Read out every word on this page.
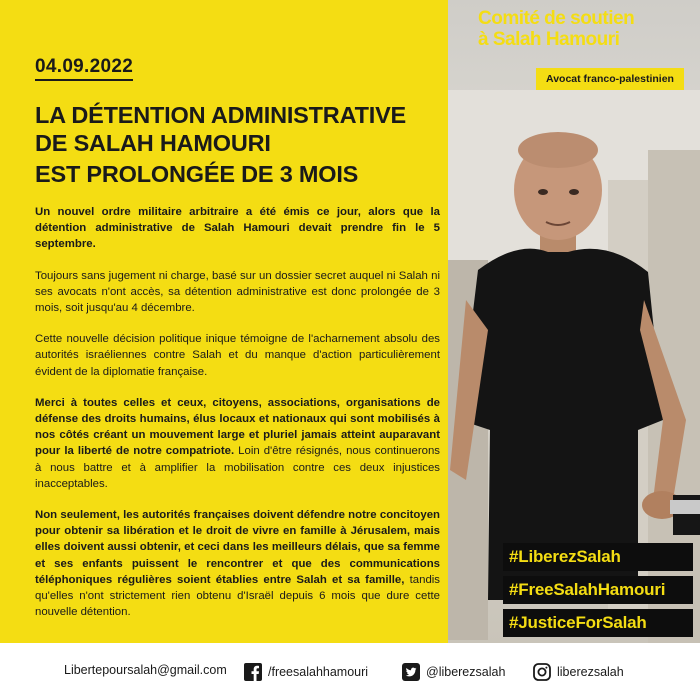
04.09.2022
LA DÉTENTION ADMINISTRATIVE
DE SALAH HAMOURI
EST PROLONGÉE DE 3 MOIS

Un nouvel ordre militaire arbitraire a été émis ce jour, alors que la détention administrative de Salah Hamouri devait prendre fin le 5 septembre.

Toujours sans jugement ni charge, basé sur un dossier secret auquel ni Salah ni ses avocats n'ont accès, sa détention administrative est donc prolongée de 3 mois, soit jusqu'au 4 décembre.

Cette nouvelle décision politique inique témoigne de l'acharnement absolu des autorités israéliennes contre Salah et du manque d'action particulièrement évident de la diplomatie française.

Merci à toutes celles et ceux, citoyens, associations, organisations de défense des droits humains, élus locaux et nationaux qui sont mobilisés à nos côtés créant un mouvement large et pluriel jamais atteint auparavant pour la liberté de notre compatriote. Loin d'être résignés, nous continuerons à nous battre et à amplifier la mobilisation contre ces deux injustices inacceptables.

Non seulement, les autorités françaises doivent défendre notre concitoyen pour obtenir sa libération et le droit de vivre en famille à Jérusalem, mais elles doivent aussi obtenir, et ceci dans les meilleurs délais, que sa femme et ses enfants puissent le rencontrer et que des communications téléphoniques régulières soient établies entre Salah et sa famille, tandis qu'elles n'ont strictement rien obtenu d'Israël depuis 6 mois que dure cette nouvelle détention.

Comité de soutien
à Salah Hamouri
Avocat franco-palestinien
#LiberezSalah
#FreeSalahHamouri
#JusticeForSalah
Libertepoursalah@gmail.com	/freesalahhamouri	@liberezsalah	liberezsalah
